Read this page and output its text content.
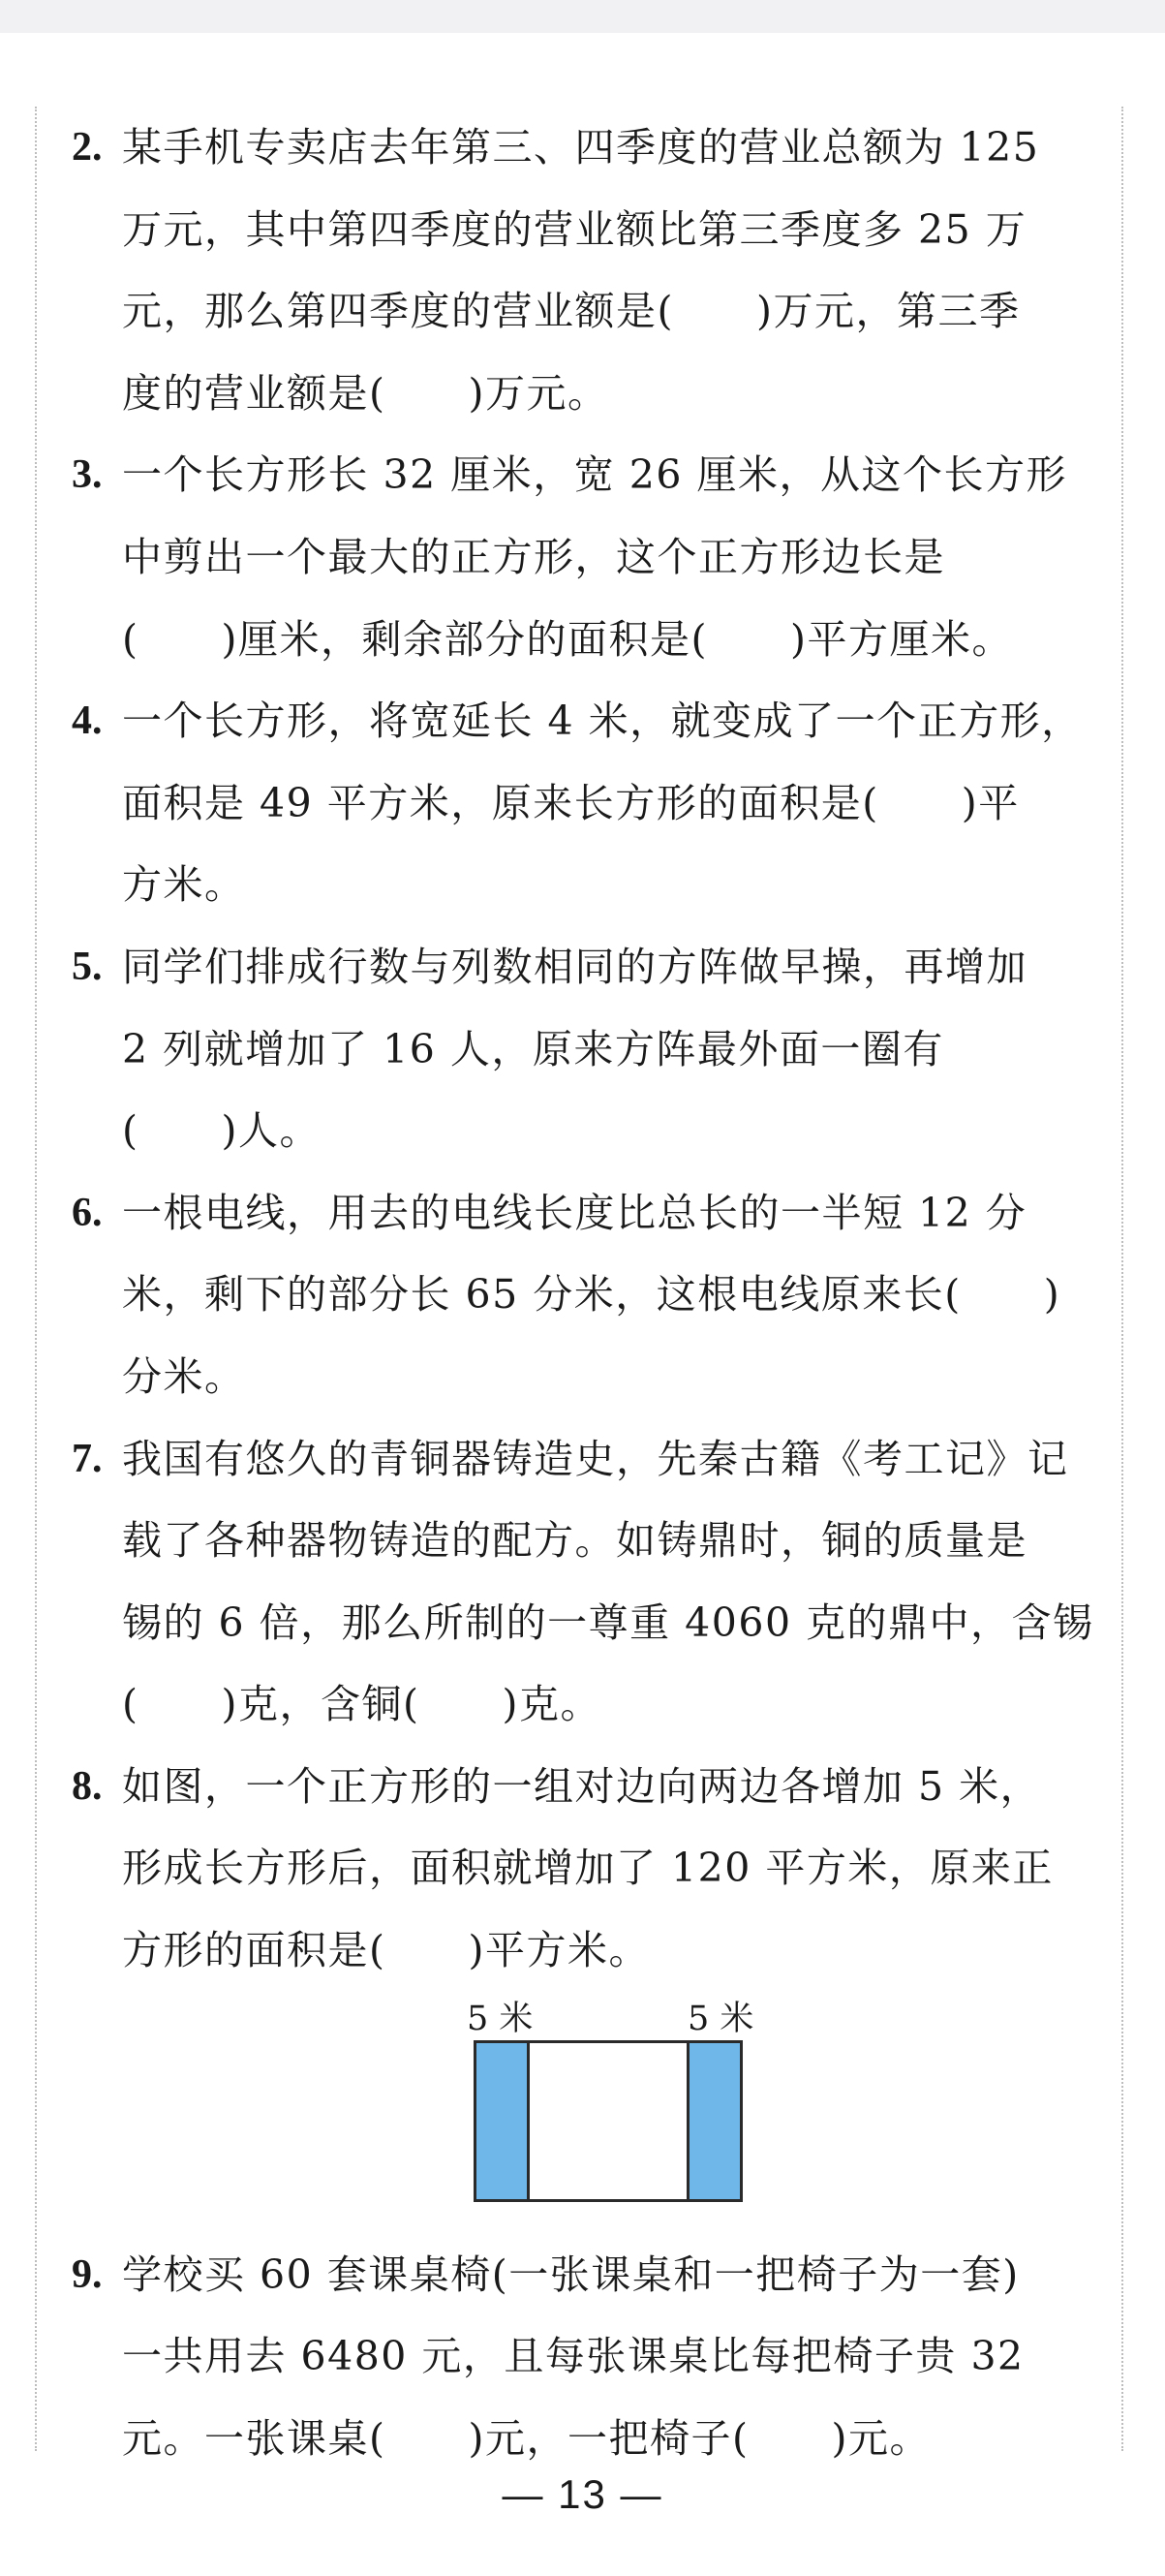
2. 某手机专卖店去年第三、四季度的营业总额为 125
万元，其中第四季度的营业额比第三季度多 25 万
元，那么第四季度的营业额是(　　)万元，第三季
度的营业额是(　　)万元。
3. 一个长方形长 32 厘米，宽 26 厘米，从这个长方形
中剪出一个最大的正方形，这个正方形边长是
(　　)厘米，剩余部分的面积是(　　)平方厘米。
4. 一个长方形，将宽延长 4 米，就变成了一个正方形，
面积是 49 平方米，原来长方形的面积是(　　)平
方米。
5. 同学们排成行数与列数相同的方阵做早操，再增加
2 列就增加了 16 人，原来方阵最外面一圈有
(　　)人。
6. 一根电线，用去的电线长度比总长的一半短 12 分
米，剩下的部分长 65 分米，这根电线原来长(　　)
分米。
7. 我国有悠久的青铜器铸造史，先秦古籍《考工记》记
载了各种器物铸造的配方。如铸鼎时，铜的质量是
锡的 6 倍，那么所制的一尊重 4060 克的鼎中，含锡
(　　)克，含铜(　　)克。
8. 如图，一个正方形的一组对边向两边各增加 5 米，
形成长方形后，面积就增加了 120 平方米，原来正
方形的面积是(　　)平方米。
5 米	5 米
9. 学校买 60 套课桌椅(一张课桌和一把椅子为一套)
一共用去 6480 元，且每张课桌比每把椅子贵 32
元。一张课桌(　　)元，一把椅子(　　)元。
— 13 —
